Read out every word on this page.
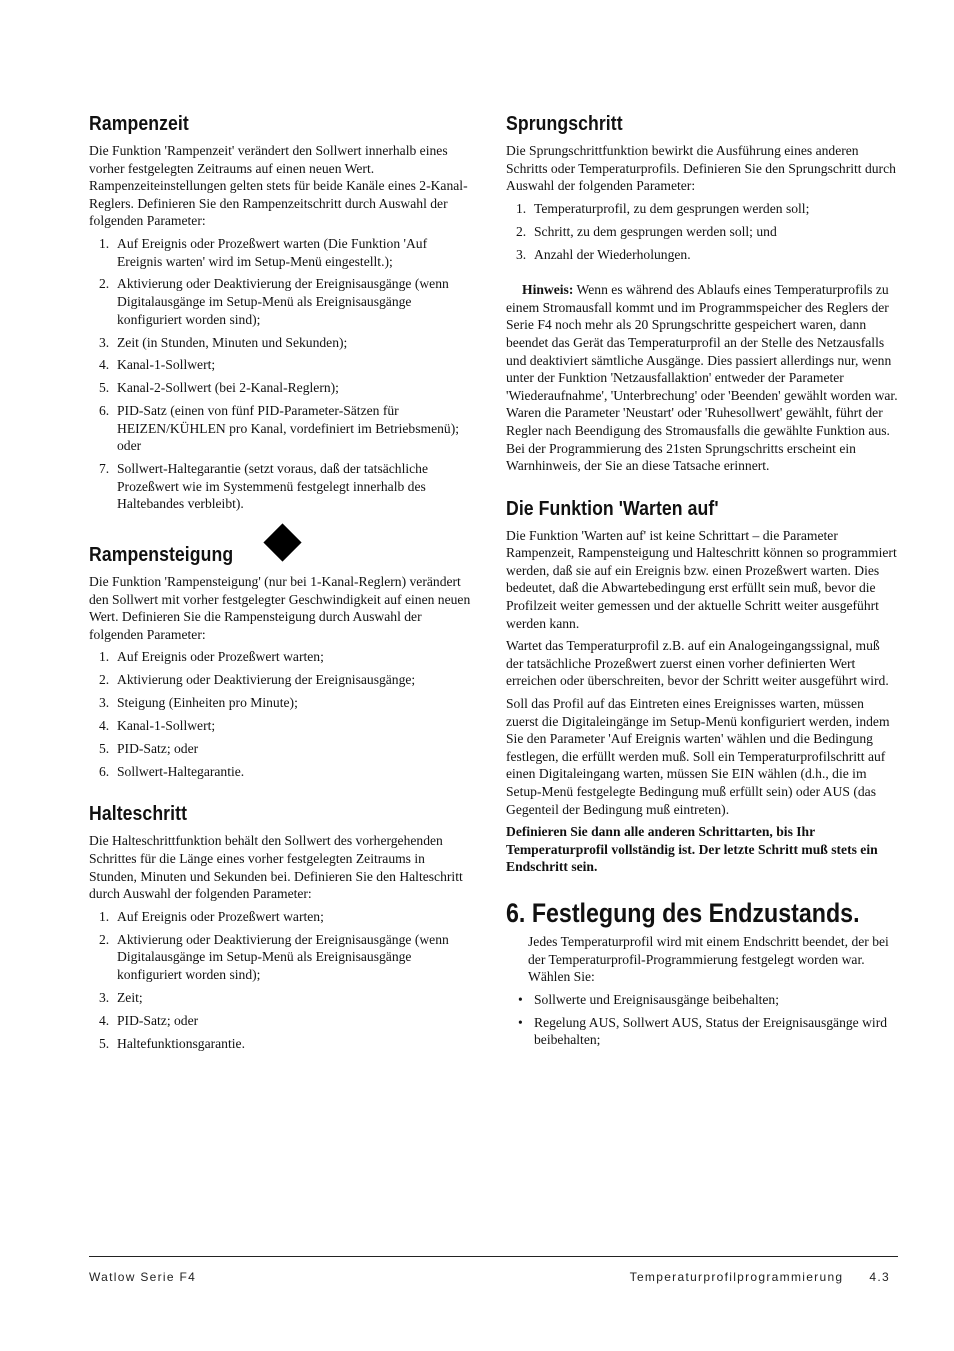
Rampenzeit

Die Funktion 'Rampenzeit' verändert den Sollwert innerhalb eines vorher festgelegten Zeitraums auf einen neuen Wert. Rampenzeiteinstellungen gelten stets für beide Kanäle eines 2-Kanal-Reglers. Definieren Sie den Rampenzeitschritt durch Auswahl der folgenden Parameter:

1. Auf Ereignis oder Prozeßwert warten (Die Funktion 'Auf Ereignis warten' wird im Setup-Menü eingestellt.);
2. Aktivierung oder Deaktivierung der Ereignisausgänge (wenn Digitalausgänge im Setup-Menü als Ereignisausgänge konfiguriert worden sind);
3. Zeit (in Stunden, Minuten und Sekunden);
4. Kanal-1-Sollwert;
5. Kanal-2-Sollwert (bei 2-Kanal-Reglern);
6. PID-Satz (einen von fünf PID-Parameter-Sätzen für HEIZEN/KÜHLEN pro Kanal, vordefiniert im Betriebsmenü); oder
7. Sollwert-Haltegarantie (setzt voraus, daß der tatsächliche Prozeßwert wie im Systemmenü festgelegt innerhalb des Haltebandes verbleibt).
Rampensteigung

Die Funktion 'Rampensteigung' (nur bei 1-Kanal-Reglern) verändert den Sollwert mit vorher festgelegter Geschwindigkeit auf einen neuen Wert. Definieren Sie die Rampensteigung durch Auswahl der folgenden Parameter:

1. Auf Ereignis oder Prozeßwert warten;
2. Aktivierung oder Deaktivierung der Ereignisausgänge;
3. Steigung (Einheiten pro Minute);
4. Kanal-1-Sollwert;
5. PID-Satz; oder
6. Sollwert-Haltegarantie.
Halteschritt

Die Halteschrittfunktion behält den Sollwert des vorhergehenden Schrittes für die Länge eines vorher festgelegten Zeitraums in Stunden, Minuten und Sekunden bei. Definieren Sie den Halteschritt durch Auswahl der folgenden Parameter:

1. Auf Ereignis oder Prozeßwert warten;
2. Aktivierung oder Deaktivierung der Ereignisausgänge (wenn Digitalausgänge im Setup-Menü als Ereignisausgänge konfiguriert worden sind);
3. Zeit;
4. PID-Satz; oder
5. Haltefunktionsgarantie.
Sprungschritt

Die Sprungschrittfunktion bewirkt die Ausführung eines anderen Schritts oder Temperaturprofils. Definieren Sie den Sprungschritt durch Auswahl der folgenden Parameter:

1. Temperaturprofil, zu dem gesprungen werden soll;
2. Schritt, zu dem gesprungen werden soll; und
3. Anzahl der Wiederholungen.

Hinweis: Wenn es während des Ablaufs eines Temperaturprofils zu einem Stromausfall kommt und im Programmspeicher des Reglers der Serie F4 noch mehr als 20 Sprungschritte gespeichert waren, dann beendet das Gerät das Temperaturprofil an der Stelle des Netzausfalls und deaktiviert sämtliche Ausgänge. Dies passiert allerdings nur, wenn unter der Funktion 'Netzausfallaktion' entweder der Parameter 'Wiederaufnahme', 'Unterbrechung' oder 'Beenden' gewählt worden war. Waren die Parameter 'Neustart' oder 'Ruhesollwert' gewählt, führt der Regler nach Beendigung des Stromausfalls die gewählte Funktion aus. Bei der Programmierung des 21sten Sprungschritts erscheint ein Warnhinweis, der Sie an diese Tatsache erinnert.

Die Funktion 'Warten auf'

Die Funktion 'Warten auf' ist keine Schrittart – die Parameter Rampenzeit, Rampensteigung und Halteschritt können so programmiert werden, daß sie auf ein Ereignis bzw. einen Prozeßwert warten. Dies bedeutet, daß die Abwartebedingung erst erfüllt sein muß, bevor die Profilzeit weiter gemessen und der aktuelle Schritt weiter ausgeführt werden kann.

Wartet das Temperaturprofil z.B. auf ein Analogeingangssignal, muß der tatsächliche Prozeßwert zuerst einen vorher definierten Wert erreichen oder überschreiten, bevor der Schritt weiter ausgeführt wird.

Soll das Profil auf das Eintreten eines Ereignisses warten, müssen zuerst die Digitaleingänge im Setup-Menü konfiguriert werden, indem Sie den Parameter 'Auf Ereignis warten' wählen und die Bedingung festlegen, die erfüllt werden muß. Soll ein Temperaturprofilschritt auf einen Digitaleingang warten, müssen Sie EIN wählen (d.h., die im Setup-Menü festgelegte Bedingung muß erfüllt sein) oder AUS (das Gegenteil der Bedingung muß eintreten).

Definieren Sie dann alle anderen Schrittarten, bis Ihr Temperaturprofil vollständig ist. Der letzte Schritt muß stets ein Endschritt sein.

6. Festlegung des Endzustands.

Jedes Temperaturprofil wird mit einem Endschritt beendet, der bei der Temperaturprofil-Programmierung festgelegt worden war. Wählen Sie:

• Sollwerte und Ereignisausgänge beibehalten;
• Regelung AUS, Sollwert AUS, Status der Ereignisausgänge wird beibehalten;
Watlow Serie F4	Temperaturprofilprogrammierung 4.3
